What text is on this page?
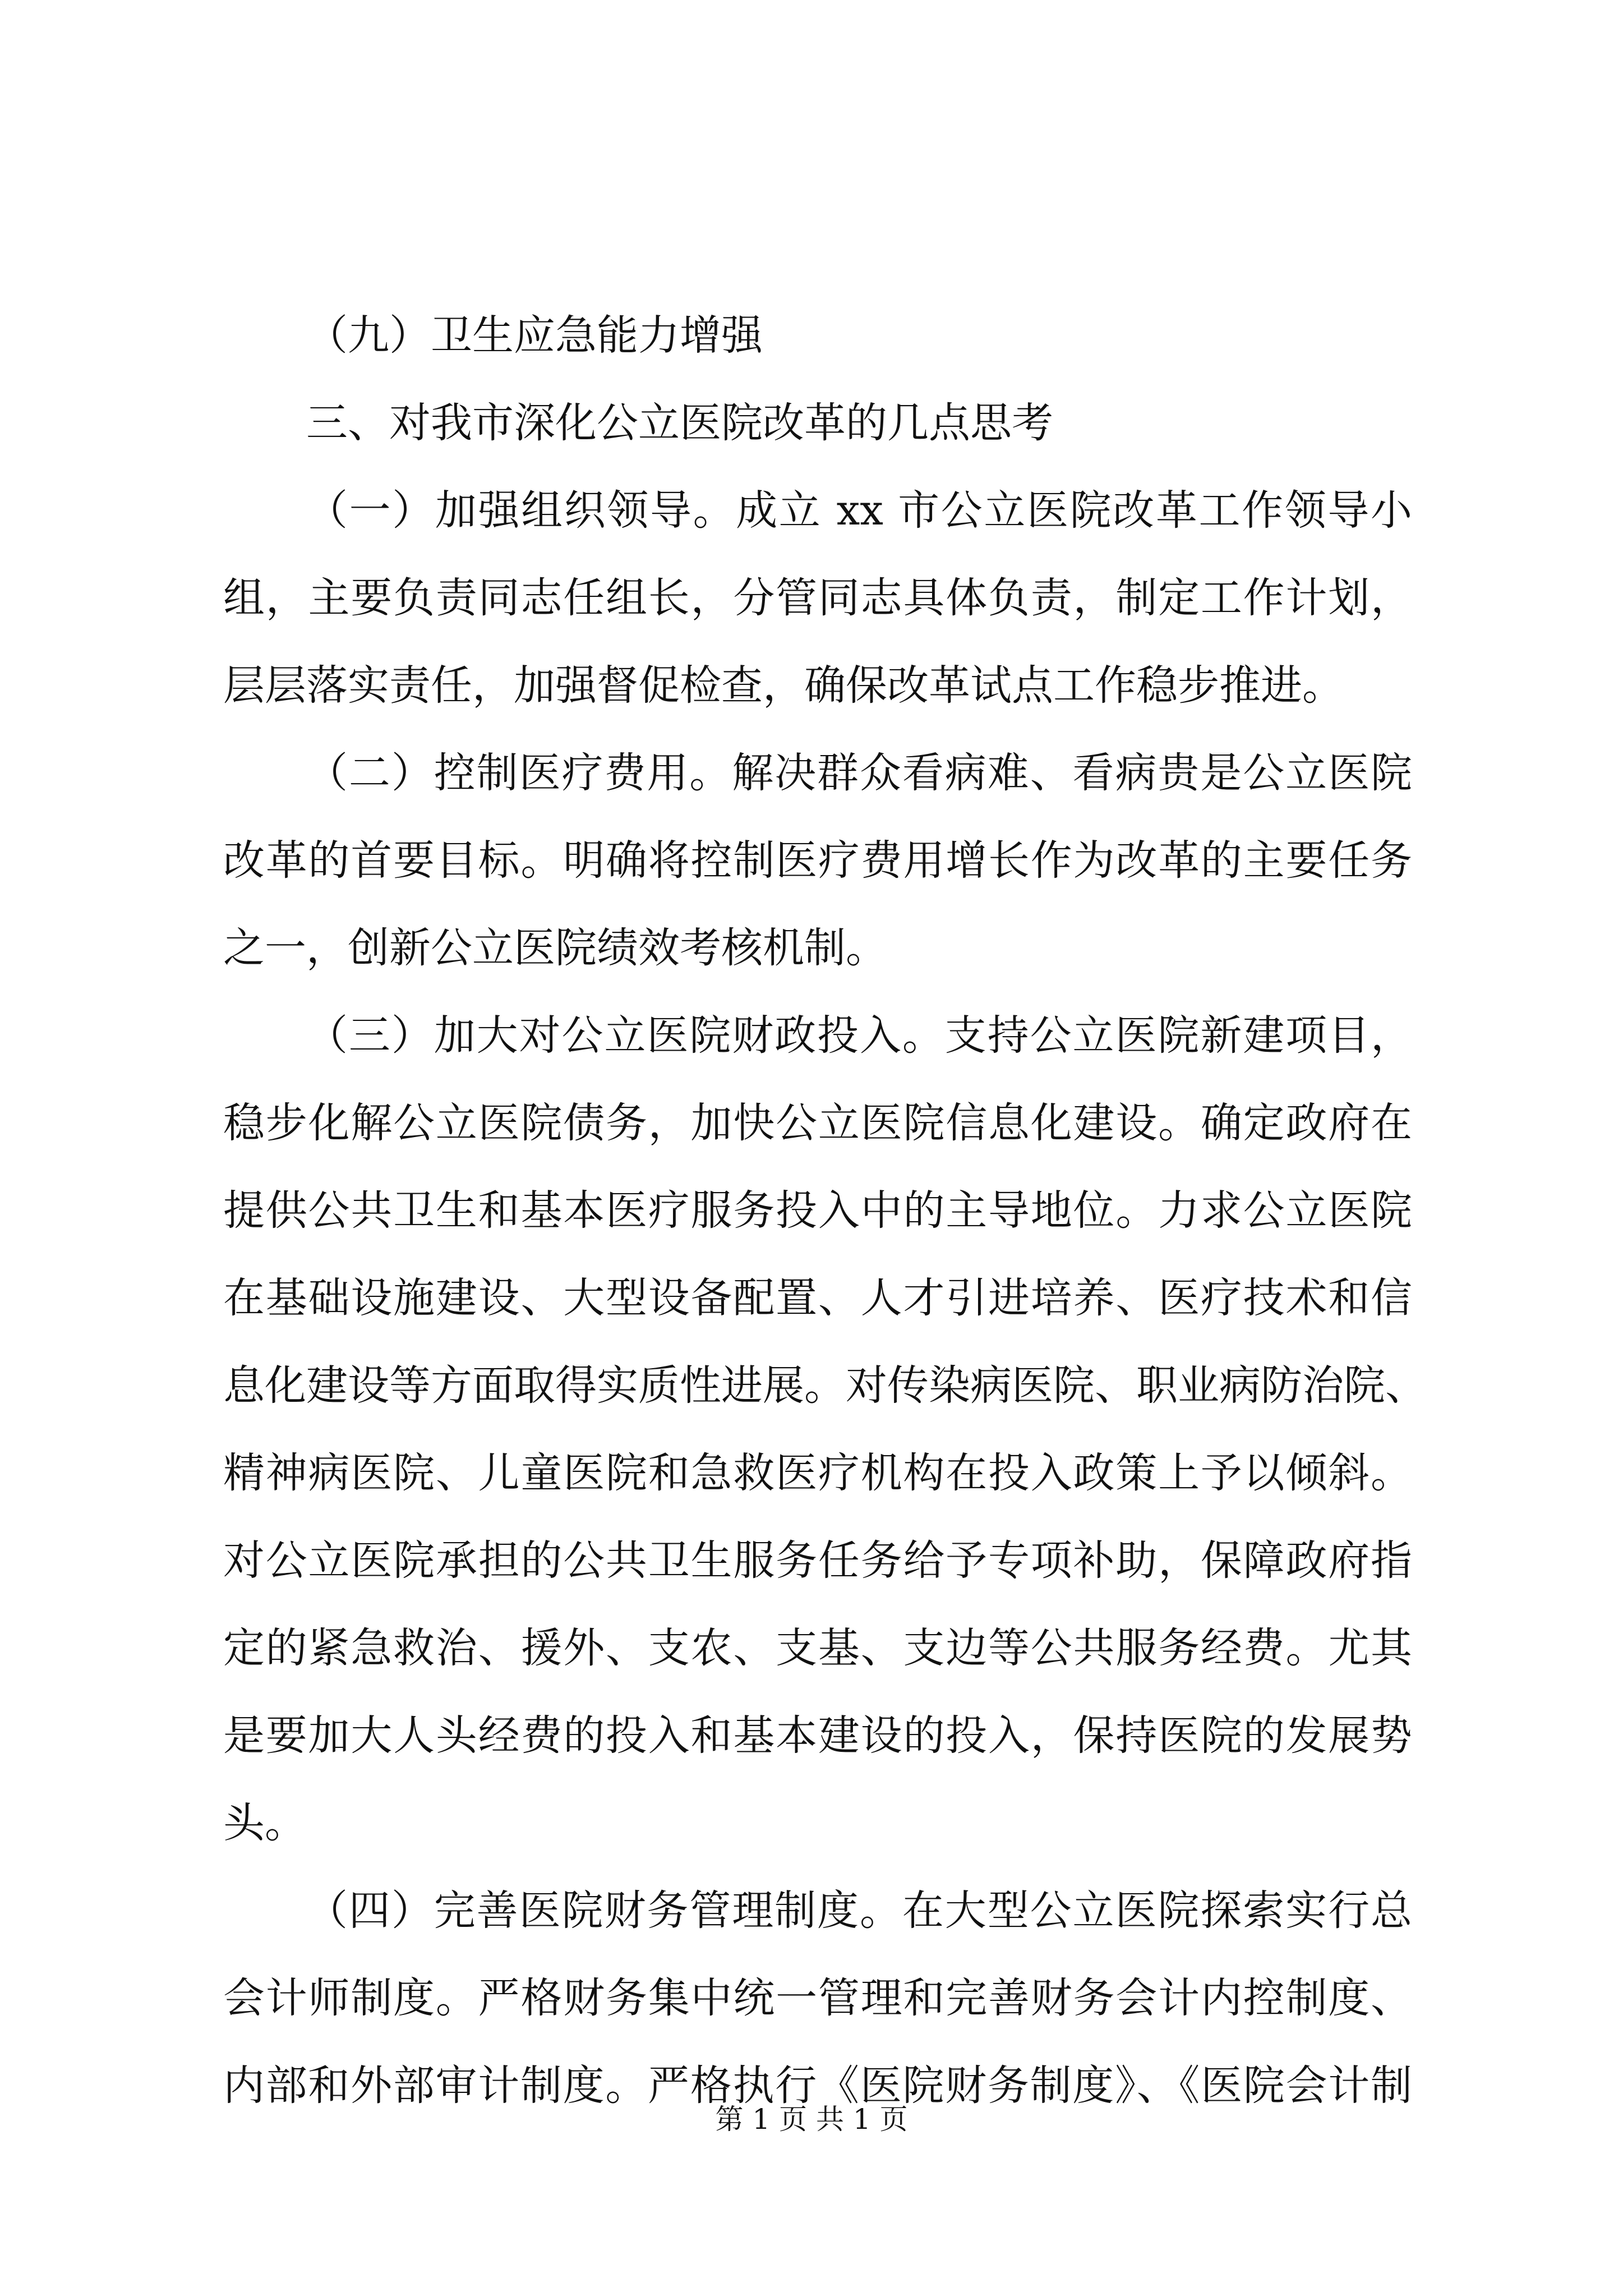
（九）卫生应急能力增强
三、对我市深化公立医院改革的几点思考
（一）加强组织领导。成立 xx 市公立医院改革工作领导小
组，主要负责同志任组长，分管同志具体负责，制定工作计划，
层层落实责任，加强督促检查，确保改革试点工作稳步推进。
（二）控制医疗费用。解决群众看病难、看病贵是公立医院
改革的首要目标。明确将控制医疗费用增长作为改革的主要任务
之一，创新公立医院绩效考核机制。
（三）加大对公立医院财政投入。支持公立医院新建项目，
稳步化解公立医院债务，加快公立医院信息化建设。确定政府在
提供公共卫生和基本医疗服务投入中的主导地位。力求公立医院
在基础设施建设、大型设备配置、人才引进培养、医疗技术和信
息化建设等方面取得实质性进展。对传染病医院、职业病防治院、
精神病医院、儿童医院和急救医疗机构在投入政策上予以倾斜。
对公立医院承担的公共卫生服务任务给予专项补助，保障政府指
定的紧急救治、援外、支农、支基、支边等公共服务经费。尤其
是要加大人头经费的投入和基本建设的投入，保持医院的发展势
头。
（四）完善医院财务管理制度。在大型公立医院探索实行总
会计师制度。严格财务集中统一管理和完善财务会计内控制度、
内部和外部审计制度。严格执行《医院财务制度》、《医院会计制
第 1 页 共 1 页
